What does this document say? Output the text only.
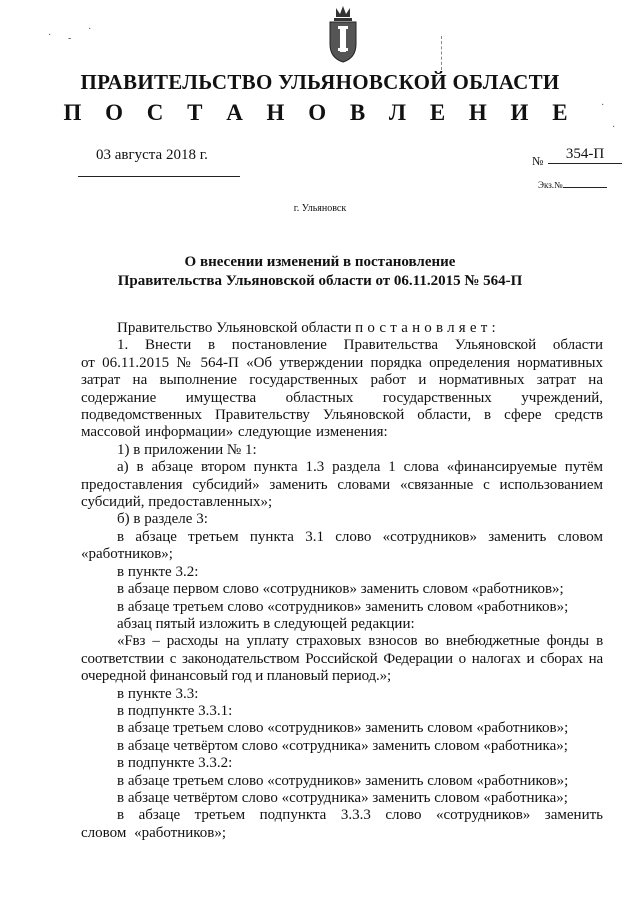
· -
·
·
·
ПРАВИТЕЛЬСТВО УЛЬЯНОВСКОЙ ОБЛАСТИ
П О С Т А Н О В Л Е Н И Е
03 августа 2018 г.	№	354-П
Экз.№
г. Ульяновск
О внесении изменений в постановление
Правительства Ульяновской области от 06.11.2015 № 564-П

Правительство Ульяновской области постановляет:

1. Внести в постановление Правительства Ульяновской области

от 06.11.2015 № 564-П «Об утверждении порядка определения нормативных затрат на выполнение государственных работ и нормативных затрат на содержание имущества областных государственных учреждений, подведомственных Правительству Ульяновской области, в сфере средств массовой информации» следующие изменения:

1) в приложении № 1:

а) в абзаце втором пункта 1.3 раздела 1 слова «финансируемые путём предоставления субсидий» заменить словами «связанные с использованием субсидий, предоставленных»;

б) в разделе 3:

в абзаце третьем пункта 3.1 слово «сотрудников» заменить словом «работников»;

в пункте 3.2:

в абзаце первом слово «сотрудников» заменить словом «работников»;

в абзаце третьем слово «сотрудников» заменить словом «работников»;

абзац пятый изложить в следующей редакции:

«Fвз – расходы на уплату страховых взносов во внебюджетные фонды в соответствии с законодательством Российской Федерации о налогах и сборах на очередной финансовый год и плановый период.»;

в пункте 3.3:

в подпункте 3.3.1:

в абзаце третьем слово «сотрудников» заменить словом «работников»;

в абзаце четвёртом слово «сотрудника» заменить словом «работника»;

в подпункте 3.3.2:

в абзаце третьем слово «сотрудников» заменить словом «работников»;

в абзаце четвёртом слово «сотрудника» заменить словом «работника»;

в абзаце третьем подпункта 3.3.3 слово «сотрудников» заменить словом «работников»;
